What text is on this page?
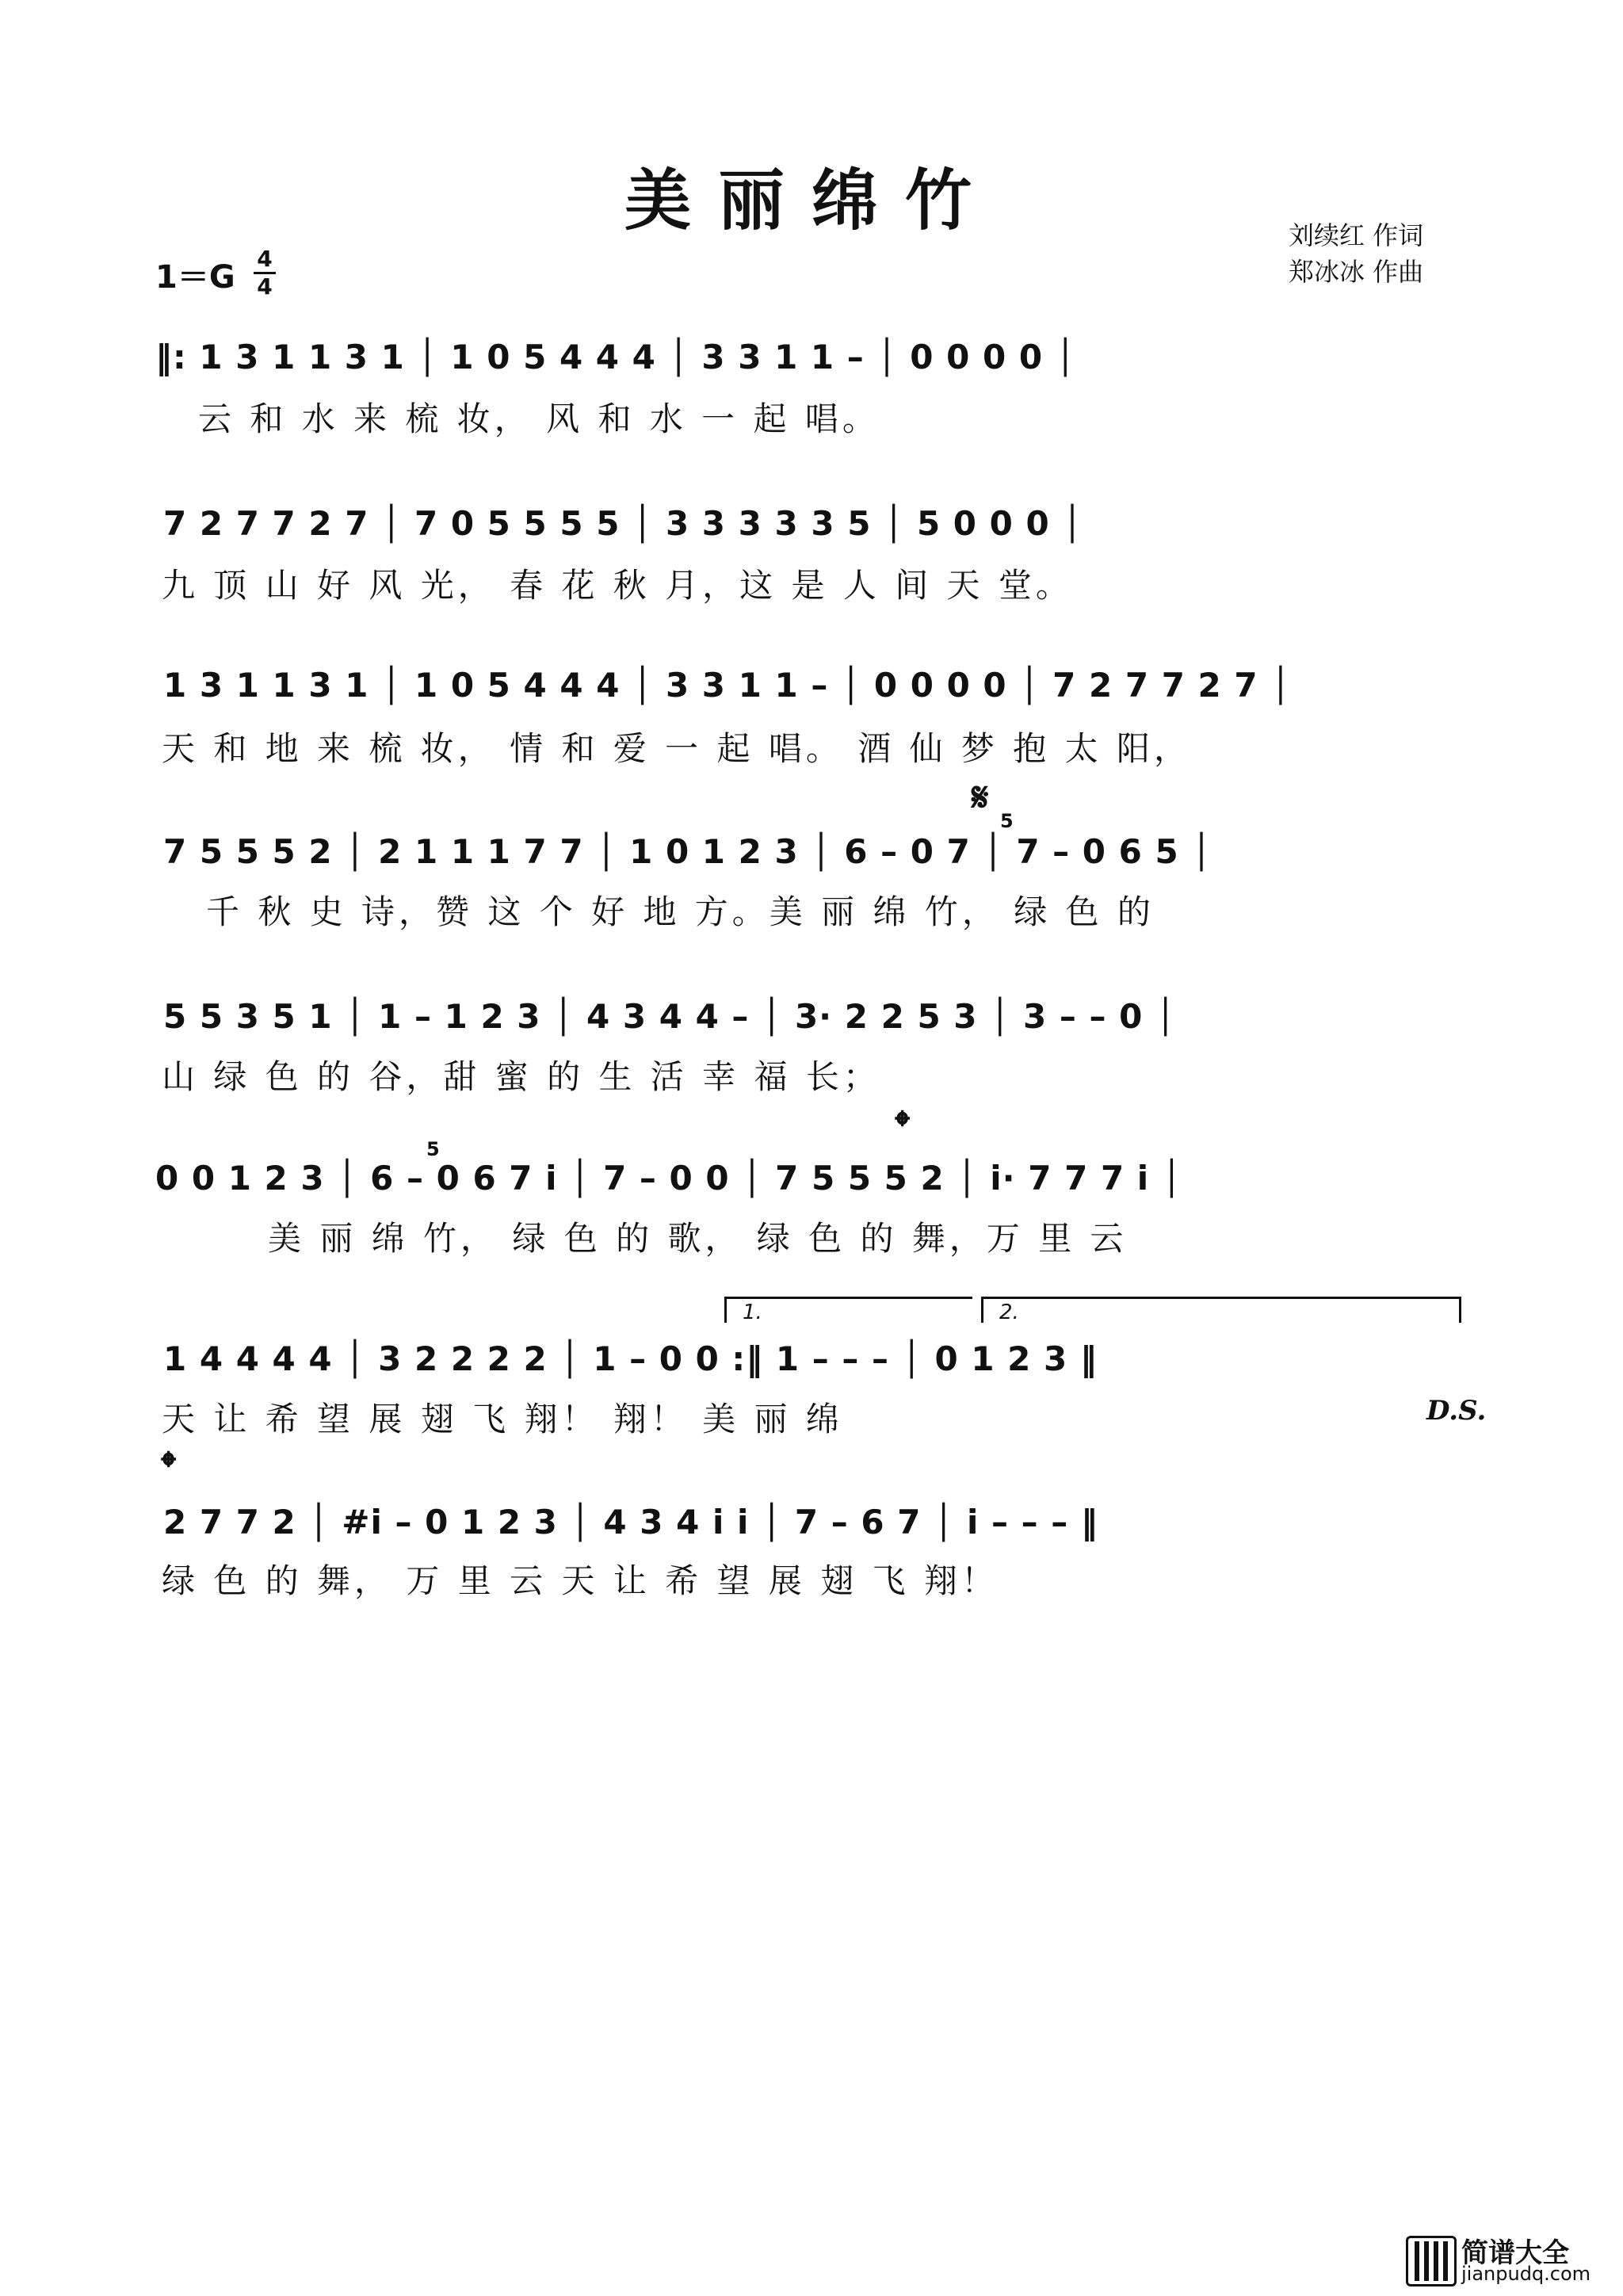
美丽绵竹	刘续红 作词
郑冰冰 作曲
1＝G
4
4
‖: 1 3 1 1 3 1 │ 1 0 5 4 4 4 │ 3 3 1 1 – │ 0 0 0 0 │
云 和 水 来 梳 妆， 风 和 水 一 起 唱。
7 2 7 7 2 7 │ 7 0 5 5 5 5 │ 3 3 3 3 3 5 │ 5 0 0 0 │
九 顶 山 好 风 光， 春 花 秋 月，这 是 人 间 天 堂。
1 3 1 1 3 1 │ 1 0 5 4 4 4 │ 3 3 1 1 – │ 0 0 0 0 │ 7 2 7 7 2 7 │
天 和 地 来 梳 妆， 情 和 爱 一 起 唱。 酒 仙 梦 抱 太 阳，
𝄋
5
7 5 5 5 2 │ 2 1 1 1 7 7 │ 1 0 1 2 3 │ 6 – 0 7 │ 7 – 0 6 5 │
千 秋 史 诗，赞 这 个 好 地 方。美 丽 绵 竹， 绿 色 的
5 5 3 5 1 │ 1 – 1 2 3 │ 4 3 4 4 – │ 3· 2 2 5 3 │ 3 – – 0 │
山 绿 色 的 谷，甜 蜜 的 生 活 幸 福 长；
𝄌
5
0 0 1 2 3 │ 6 – 0 6 7 i │ 7 – 0 0 │ 7 5 5 5 2 │ i· 7 7 7 i │
美 丽 绵 竹， 绿 色 的 歌， 绿 色 的 舞，万 里 云
1.	2.
1 4 4 4 4 │ 3 2 2 2 2 │ 1 – 0 0 :‖ 1 – – – │ 0 1 2 3 ‖
天 让 希 望 展 翅 飞 翔！ 翔！ 美 丽 绵	D.S.
𝄌
2 7 7 2 │ #i – 0 1 2 3 │ 4 3 4 i i │ 7 – 6 7 │ i – – – ‖
绿 色 的 舞， 万 里 云 天 让 希 望 展 翅 飞 翔！
简谱大全
jianpudq.com
